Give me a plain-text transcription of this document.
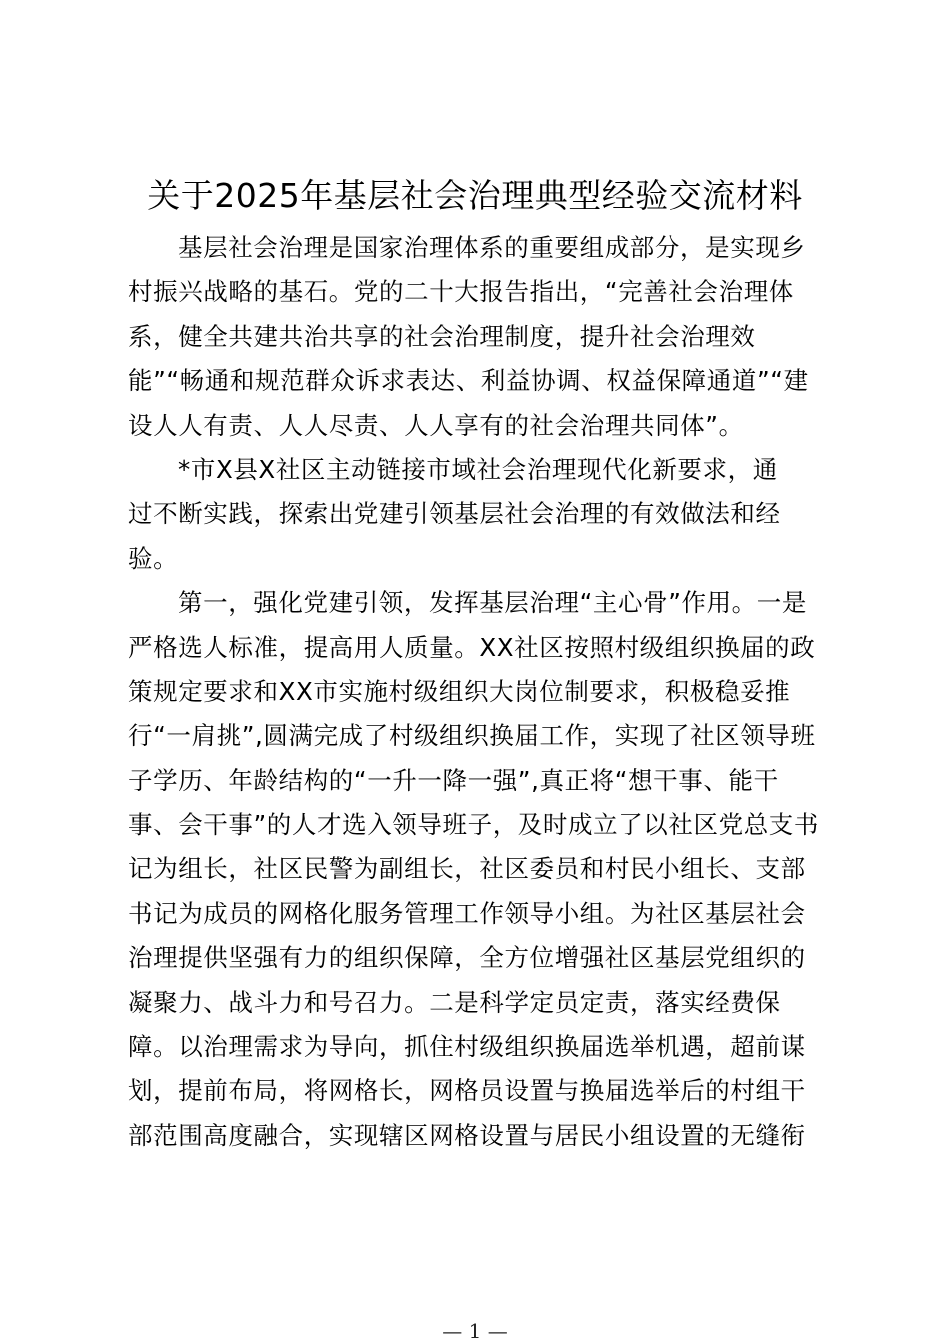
关于2025年基层社会治理典型经验交流材料
基层社会治理是国家治理体系的重要组成部分，是实现乡
村振兴战略的基石。党的二十大报告指出，“完善社会治理体
系，健全共建共治共享的社会治理制度，提升社会治理效
能”“畅通和规范群众诉求表达、利益协调、权益保障通道”“建
设人人有责、人人尽责、人人享有的社会治理共同体”。
*市X县X社区主动链接市域社会治理现代化新要求，通
过不断实践，探索出党建引领基层社会治理的有效做法和经
验。
第一，强化党建引领，发挥基层治理“主心骨”作用。一是
严格选人标准，提高用人质量。XX社区按照村级组织换届的政
策规定要求和XX市实施村级组织大岗位制要求，积极稳妥推
行“一肩挑”,圆满完成了村级组织换届工作，实现了社区领导班
子学历、年龄结构的“一升一降一强”,真正将“想干事、能干
事、会干事”的人才选入领导班子，及时成立了以社区党总支书
记为组长，社区民警为副组长，社区委员和村民小组长、支部
书记为成员的网格化服务管理工作领导小组。为社区基层社会
治理提供坚强有力的组织保障，全方位增强社区基层党组织的
凝聚力、战斗力和号召力。二是科学定员定责，落实经费保
障。以治理需求为导向，抓住村级组织换届选举机遇，超前谋
划，提前布局，将网格长，网格员设置与换届选举后的村组干
部范围高度融合，实现辖区网格设置与居民小组设置的无缝衔
— 1 —
